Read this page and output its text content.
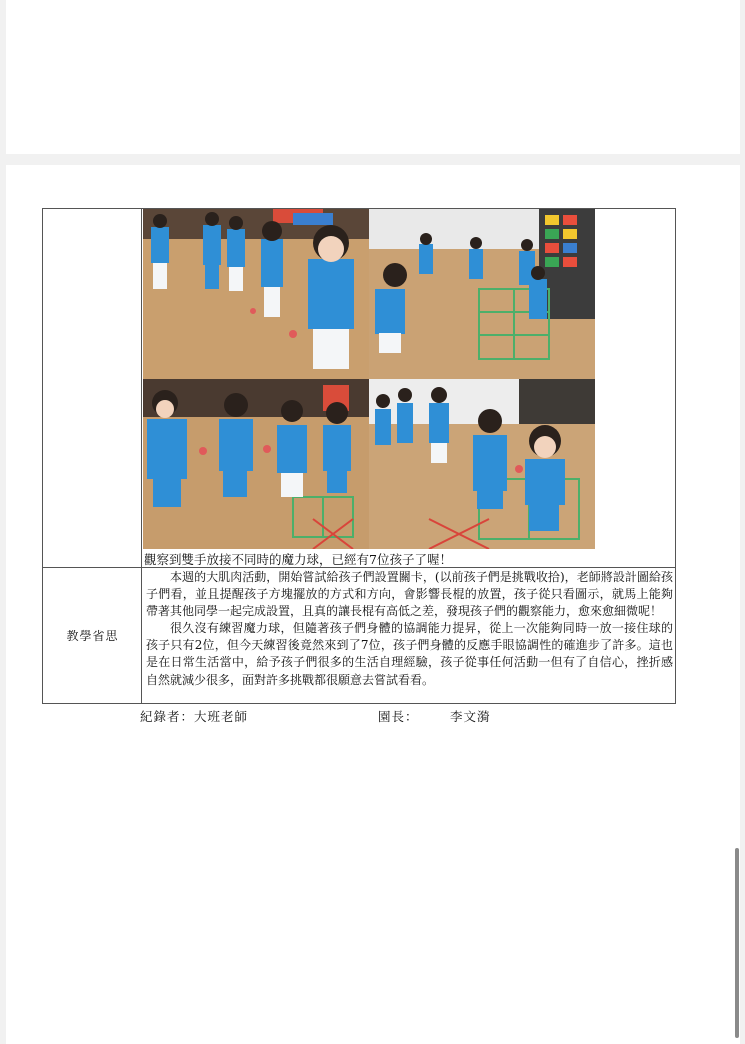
教學省思
觀察到雙手放接不同時的魔力球，已經有7位孩子了喔！

本週的大肌肉活動，開始嘗試給孩子們設置關卡，(以前孩子們是挑戰收拾)，老師將設計圖給孩子們看，並且提醒孩子方塊擺放的方式和方向，會影響長棍的放置，孩子從只看圖示，就馬上能夠帶著其他同學一起完成設置，且真的讓長棍有高低之差，發現孩子們的觀察能力，愈來愈細微呢！

很久沒有練習魔力球，但隨著孩子們身體的協調能力提昇，從上一次能夠同時一放一接住球的孩子只有2位，但今天練習後竟然來到了7位，孩子們身體的反應手眼協調性的確進步了許多。這也是在日常生活當中，給予孩子們很多的生活自理經驗，孩子從事任何活動一但有了自信心，挫折感自然就減少很多，面對許多挑戰都很願意去嘗試看看。

紀錄者：大班老師	園長：	李文漪
